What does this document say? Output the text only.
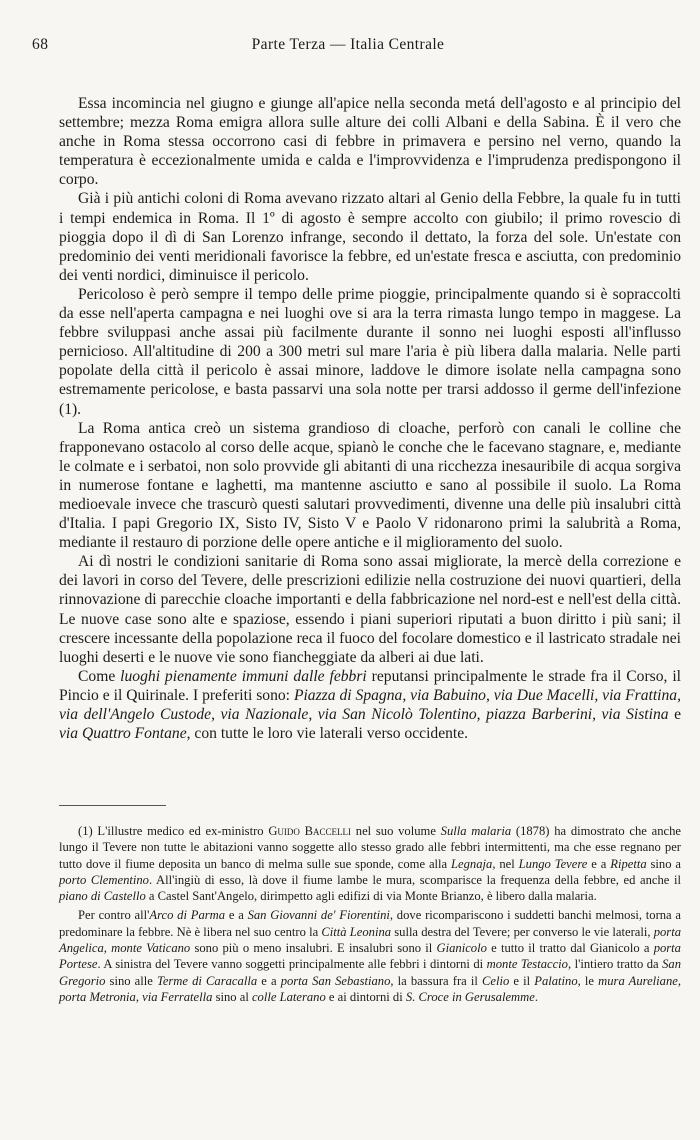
68	Parte Terza — Italia Centrale

Essa incomincia nel giugno e giunge all'apice nella seconda metá dell'agosto e al principio del settembre; mezza Roma emigra allora sulle alture dei colli Albani e della Sabina. È il vero che anche in Roma stessa occorrono casi di febbre in primavera e persino nel verno, quando la temperatura è eccezionalmente umida e calda e l'improvvidenza e l'imprudenza predispongono il corpo.

Già i più antichi coloni di Roma avevano rizzato altari al Genio della Febbre, la quale fu in tutti i tempi endemica in Roma. Il 1º di agosto è sempre accolto con giubilo; il primo rovescio di pioggia dopo il dì di San Lorenzo infrange, secondo il dettato, la forza del sole. Un'estate con predominio dei venti meridionali favorisce la febbre, ed un'estate fresca e asciutta, con predominio dei venti nordici, diminuisce il pericolo.

Pericoloso è però sempre il tempo delle prime pioggie, principalmente quando si è sopraccolti da esse nell'aperta campagna e nei luoghi ove si ara la terra rimasta lungo tempo in maggese. La febbre sviluppasi anche assai più facilmente durante il sonno nei luoghi esposti all'influsso pernicioso. All'altitudine di 200 a 300 metri sul mare l'aria è più libera dalla malaria. Nelle parti popolate della città il pericolo è assai minore, laddove le dimore isolate nella campagna sono estremamente pericolose, e basta passarvi una sola notte per trarsi addosso il germe dell'infezione (1).

La Roma antica creò un sistema grandioso di cloache, perforò con canali le colline che frapponevano ostacolo al corso delle acque, spianò le conche che le facevano stagnare, e, mediante le colmate e i serbatoi, non solo provvide gli abitanti di una ricchezza inesauribile di acqua sorgiva in numerose fontane e laghetti, ma mantenne asciutto e sano al possibile il suolo. La Roma medioevale invece che trascurò questi salutari provvedimenti, divenne una delle più insalubri città d'Italia. I papi Gregorio IX, Sisto IV, Sisto V e Paolo V ridonarono primi la salubrità a Roma, mediante il restauro di porzione delle opere antiche e il miglioramento del suolo.

Ai dì nostri le condizioni sanitarie di Roma sono assai migliorate, la mercè della correzione e dei lavori in corso del Tevere, delle prescrizioni edilizie nella costruzione dei nuovi quartieri, della rinnovazione di parecchie cloache importanti e della fabbricazione nel nord-est e nell'est della città. Le nuove case sono alte e spaziose, essendo i piani superiori riputati a buon diritto i più sani; il crescere incessante della popolazione reca il fuoco del focolare domestico e il lastricato stradale nei luoghi deserti e le nuove vie sono fiancheggiate da alberi ai due lati.

Come luoghi pienamente immuni dalle febbri reputansi principalmente le strade fra il Corso, il Pincio e il Quirinale. I preferiti sono: Piazza di Spagna, via Babuino, via Due Macelli, via Frattina, via dell'Angelo Custode, via Nazionale, via San Nicolò Tolentino, piazza Barberini, via Sistina e via Quattro Fontane, con tutte le loro vie laterali verso occidente.

(1) L'illustre medico ed ex-ministro Guido Baccelli nel suo volume Sulla malaria (1878) ha dimostrato che anche lungo il Tevere non tutte le abitazioni vanno soggette allo stesso grado alle febbri intermittenti, ma che esse regnano per tutto dove il fiume deposita un banco di melma sulle sue sponde, come alla Legnaja, nel Lungo Tevere e a Ripetta sino a porto Clementino. All'ingiù di esso, là dove il fiume lambe le mura, scomparisce la frequenza della febbre, ed anche il piano di Castello a Castel Sant'Angelo, dirimpetto agli edifizi di via Monte Brianzo, è libero dalla malaria.

Per contro all'Arco di Parma e a San Giovanni de' Fiorentini, dove ricompariscono i suddetti banchi melmosi, torna a predominare la febbre. Nè è libera nel suo centro la Città Leonina sulla destra del Tevere; per converso le vie laterali, porta Angelica, monte Vaticano sono più o meno insalubri. E insalubri sono il Gianicolo e tutto il tratto dal Gianicolo a porta Portese. A sinistra del Tevere vanno soggetti principalmente alle febbri i dintorni di monte Testaccio, l'intiero tratto da San Gregorio sino alle Terme di Caracalla e a porta San Sebastiano, la bassura fra il Celio e il Palatino, le mura Aureliane, porta Metronia, via Ferratella sino al colle Laterano e ai dintorni di S. Croce in Gerusalemme.
